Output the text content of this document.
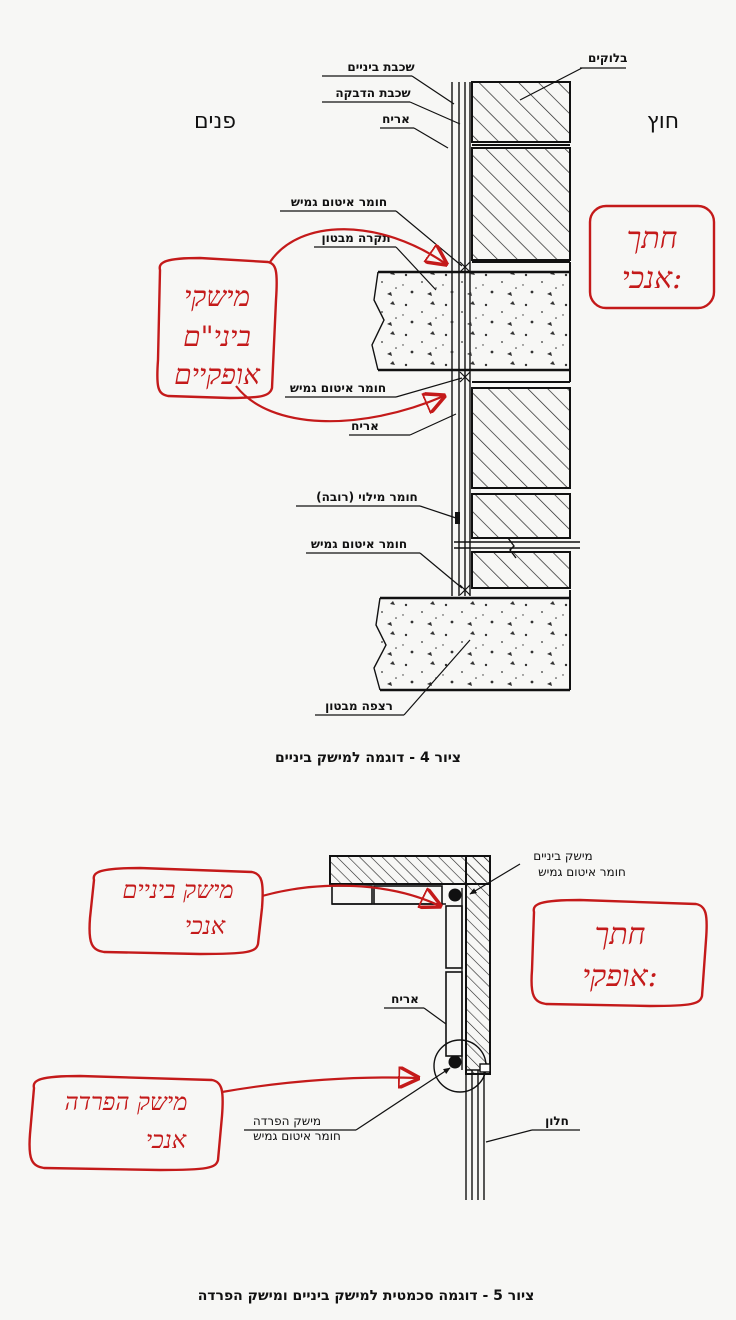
פנים	חוץ
בלוקים
שכבת ביניים
שכבת הדבקה
אריח
חומר איטום גמיש
תקרה מבטון
חומר איטום גמיש
אריח
חומר מילוי (רובה)
חומר איטום גמיש
רצפה מבטון
חתך
אנכי:
מישקי
ביני"ם
אופקיים
ציור 4 - דוגמה למישק ביניים
מישק ביניים
חומר איטום גמיש
אריח
מישק הפרדה
חומר איטום גמיש
חלון
חתך
אופקי:
מישק ביניים
אנכי
מישק הפרדה
אנכי
ציור 5 - דוגמה סכמטית למישק ביניים ומישק הפרדה
